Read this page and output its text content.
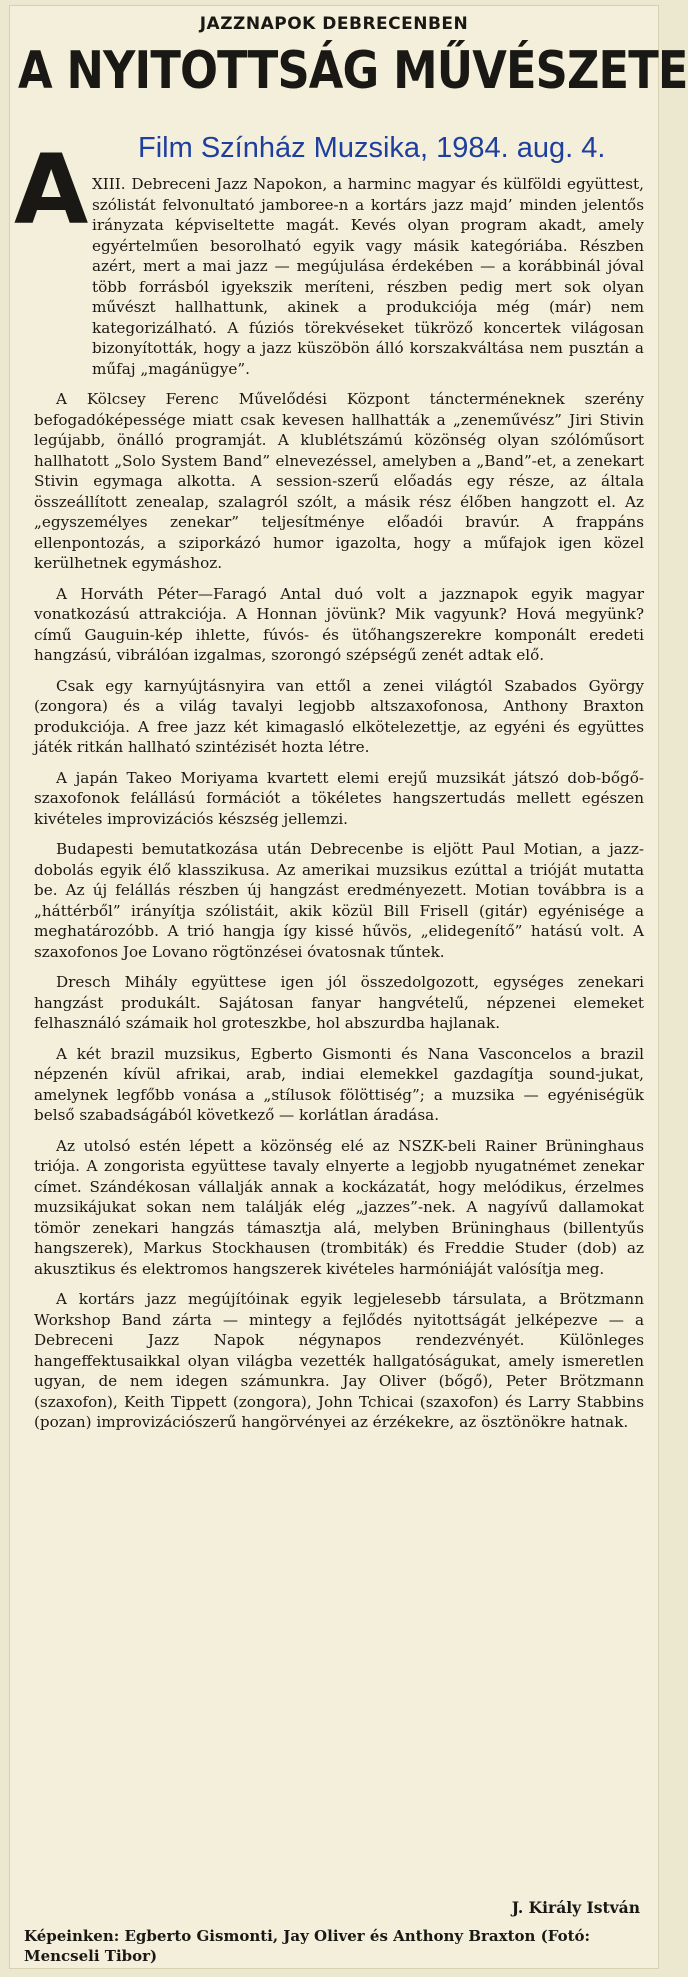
JAZZNAPOK DEBRECENBEN
A NYITOTTSÁG MŰVÉSZETE
Film Színház Muzsika, 1984. aug. 4.
A XIII. Debreceni Jazz Napokon, a harminc magyar és külföldi együttest, szólistát felvonultató jamboree-n a kortárs jazz majd’ minden jelentős irányzata képviseltette magát. Kevés olyan program akadt, amely egyértelműen besorolható egyik vagy másik kategóriába. Részben azért, mert a mai jazz — megújulása érdekében — a korábbinál jóval több forrásból igyekszik meríteni, részben pedig mert sok olyan művészt hallhattunk, akinek a produkciója még (már) nem kategorizálható. A fúziós törekvéseket tükröző koncertek világosan bizonyították, hogy a jazz küszöbön álló korszakváltása nem pusztán a műfaj „magánügye”.

A Kölcsey Ferenc Művelődési Központ táncterméneknek szerény befogadóképessége miatt csak kevesen hallhatták a „zeneművész” Jiri Stivin legújabb, önálló programját. A klublétszámú közönség olyan szólóműsort hallhatott „Solo System Band” elnevezéssel, amelyben a „Band”-et, a zenekart Stivin egymaga alkotta. A session-szerű előadás egy része, az általa összeállított zenealap, szalagról szólt, a másik rész élőben hangzott el. Az „egyszemélyes zenekar” teljesítménye előadói bravúr. A frappáns ellenpontozás, a sziporkázó humor igazolta, hogy a műfajok igen közel kerülhetnek egymáshoz.

A Horváth Péter—Faragó Antal duó volt a jazznapok egyik magyar vonatkozású attrakciója. A Honnan jövünk? Mik vagyunk? Hová megyünk? című Gauguin-kép ihlette, fúvós- és ütőhangszerekre komponált eredeti hangzású, vibrálóan izgalmas, szorongó szépségű zenét adtak elő.

Csak egy karnyújtásnyira van ettől a zenei világtól Szabados György (zongora) és a világ tavalyi legjobb altszaxofonosa, Anthony Braxton produkciója. A free jazz két kimagasló elkötelezettje, az egyéni és együttes játék ritkán hallható szintézisét hozta létre.

A japán Takeo Moriyama kvartett elemi erejű muzsikát játszó dob-bőgő-szaxofonok felállású formációt a tökéletes hangszertudás mellett egészen kivételes improvizációs készség jellemzi.

Budapesti bemutatkozása után Debrecenbe is eljött Paul Motian, a jazz-dobolás egyik élő klasszikusa. Az amerikai muzsikus ezúttal a trióját mutatta be. Az új felállás részben új hangzást eredményezett. Motian továbbra is a „háttérből” irányítja szólistáit, akik közül Bill Frisell (gitár) egyénisége a meghatározóbb. A trió hangja így kissé hűvös, „elidegenítő” hatású volt. A szaxofonos Joe Lovano rögtönzései óvatosnak tűntek.

Dresch Mihály együttese igen jól összedolgozott, egységes zenekari hangzást produkált. Sajátosan fanyar hangvételű, népzenei elemeket felhasználó számaik hol groteszkbe, hol abszurdba hajlanak.

A két brazil muzsikus, Egberto Gismonti és Nana Vasconcelos a brazil népzenén kívül afrikai, arab, indiai elemekkel gazdagítja sound-jukat, amelynek legfőbb vonása a „stílusok fölöttiség”; a muzsika — egyéniségük belső szabadságából következő — korlátlan áradása.

Az utolsó estén lépett a közönség elé az NSZK-beli Rainer Brüninghaus triója. A zongorista együttese tavaly elnyerte a legjobb nyugatnémet zenekar címet. Szándékosan vállalják annak a kockázatát, hogy melódikus, érzelmes muzsikájukat sokan nem találják elég „jazzes”-nek. A nagyívű dallamokat tömör zenekari hangzás támasztja alá, melyben Brüninghaus (billentyűs hangszerek), Markus Stockhausen (trombiták) és Freddie Studer (dob) az akusztikus és elektromos hangszerek kivételes harmóniáját valósítja meg.

A kortárs jazz megújítóinak egyik legjelesebb társulata, a Brötzmann Workshop Band zárta — mintegy a fejlődés nyitottságát jelképezve — a Debreceni Jazz Napok négynapos rendezvényét. Különleges hangeffektusaikkal olyan világba vezették hallgatóságukat, amely ismeretlen ugyan, de nem idegen számunkra. Jay Oliver (bőgő), Peter Brötzmann (szaxofon), Keith Tippett (zongora), John Tchicai (szaxofon) és Larry Stabbins (pozan) improvizációszerű hangörvényei az érzékekre, az ösztönökre hatnak.

J. Király István
Képeinken: Egberto Gismonti, Jay Oliver és Anthony Braxton (Fotó: Mencseli Tibor)
